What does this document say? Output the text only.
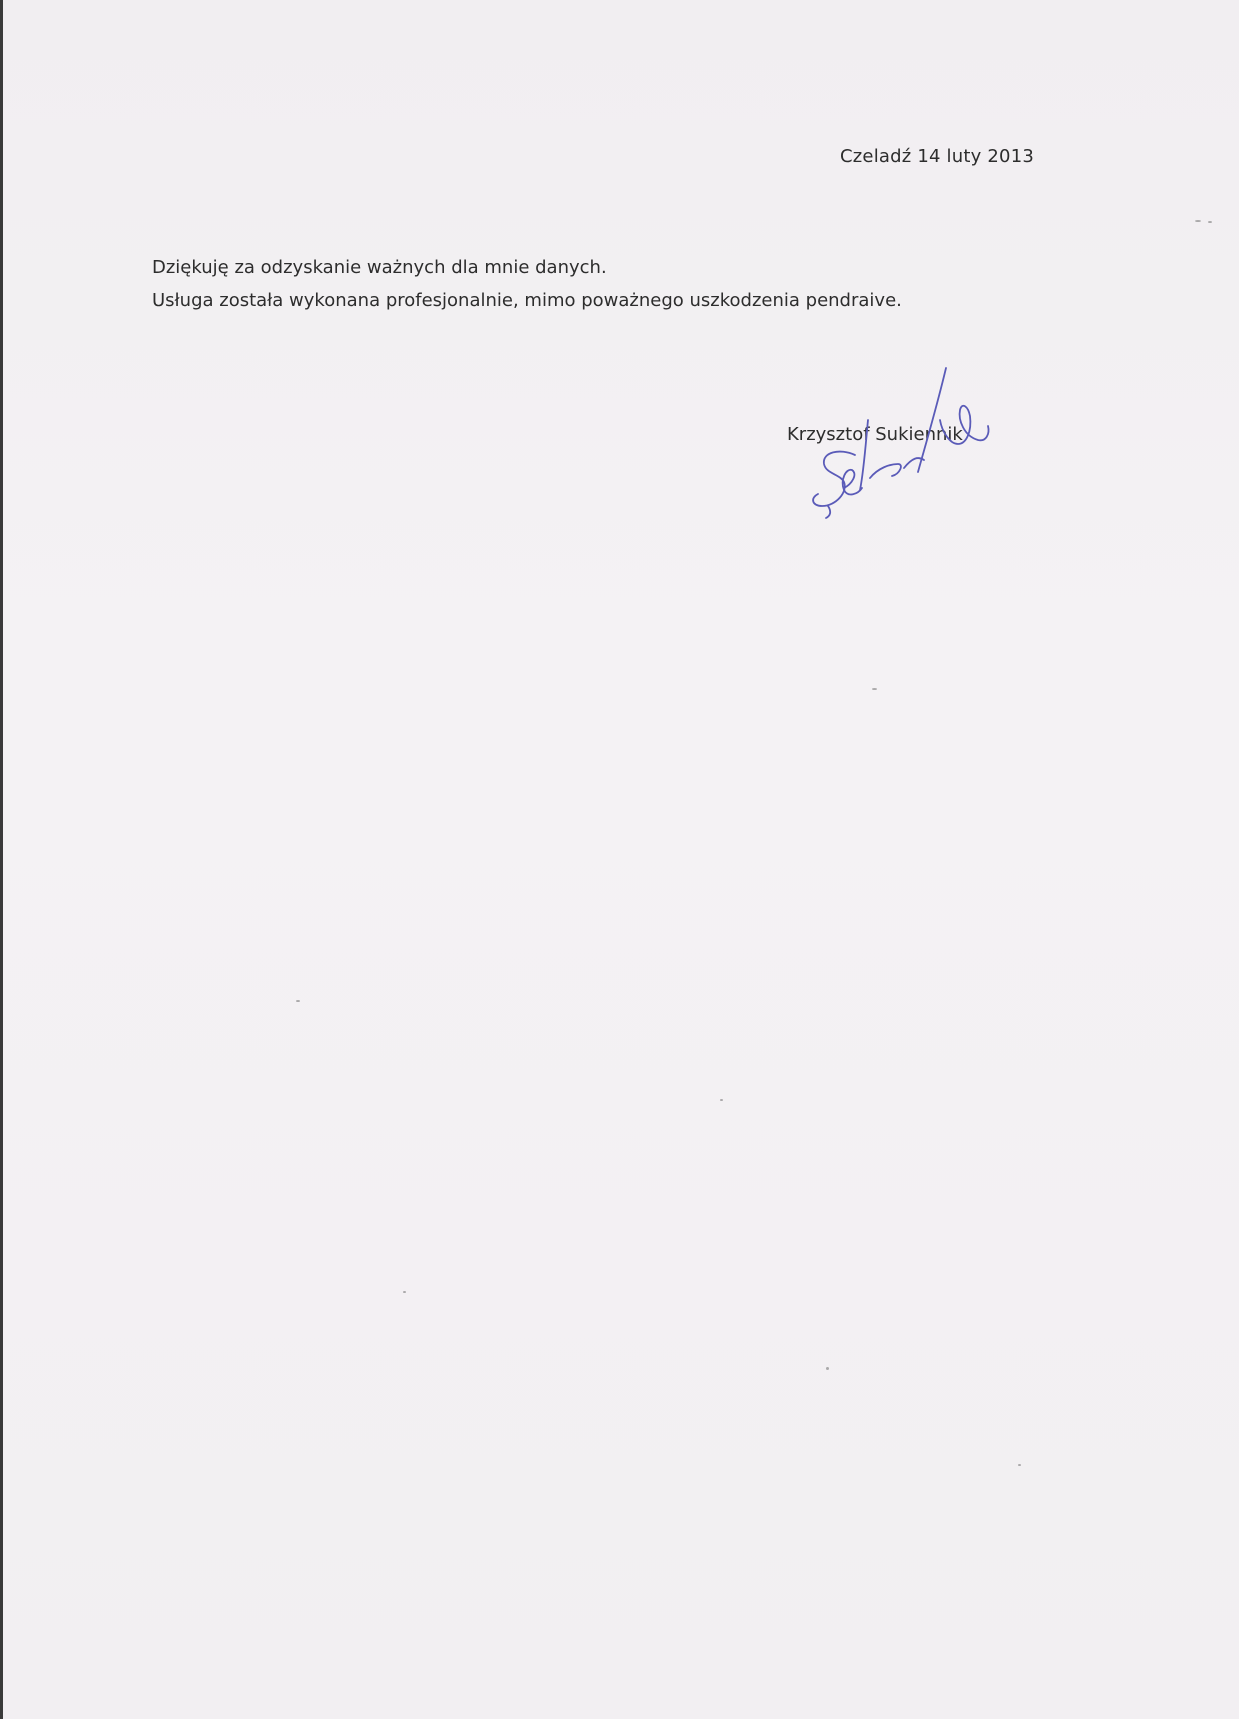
Czeladź 14 luty 2013

Dziękuję za odzyskanie ważnych dla mnie danych.

Usługa została wykonana profesjonalnie, mimo poważnego uszkodzenia pendraive.

Krzysztof Sukiennik
